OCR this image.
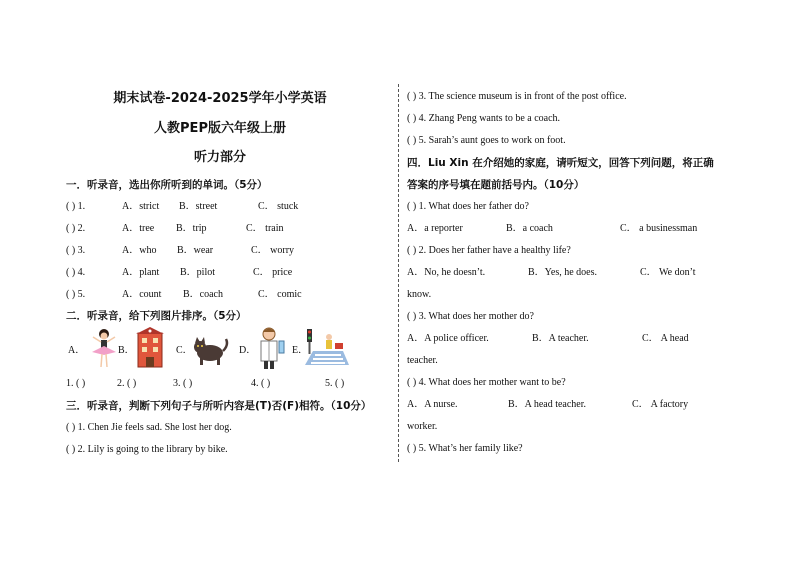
期末试卷-2024-2025学年小学英语
人教PEP版六年级上册
听力部分
一．听录音，选出你所听到的单词。（5分）
( ) 1.	A．strict B．street	C． stuck
( ) 2.	A．tree B．trip	C． train
( ) 3.	A．who B．wear	C． worry
( ) 4.	A．plant B．pilot	C． price
( ) 5.	A．count B．coach	C． comic
二．听录音，给下列图片排序。（5分）
A．	B．	C．	D．	E．
1. ( )	2. ( )	3. ( )	4. ( )	5. ( )
三．听录音，判断下列句子与所听内容是(T)否(F)相符。（10分）
( ) 1. Chen Jie feels sad. She lost her dog.
( ) 2. Lily is going to the library by bike.
( ) 3. The science museum is in front of the post office.
( ) 4. Zhang Peng wants to be a coach.
( ) 5. Sarah’s aunt goes to work on foot.
四．Liu Xin 在介绍她的家庭，请听短文，回答下列问题，将正确
答案的序号填在题前括号内。（10分）
( ) 1. What does her father do?
A．a reporter	B．a coach	C． a businessman
( ) 2. Does her father have a healthy life?
A．No, he doesn’t.	B．Yes, he does.	C． We don’t
know.
( ) 3. What does her mother do?
A．A police officer.	B．A teacher.	C． A head
teacher.
( ) 4. What does her mother want to be?
A．A nurse.	B．A head teacher.	C． A factory
worker.
( ) 5. What’s her family like?
